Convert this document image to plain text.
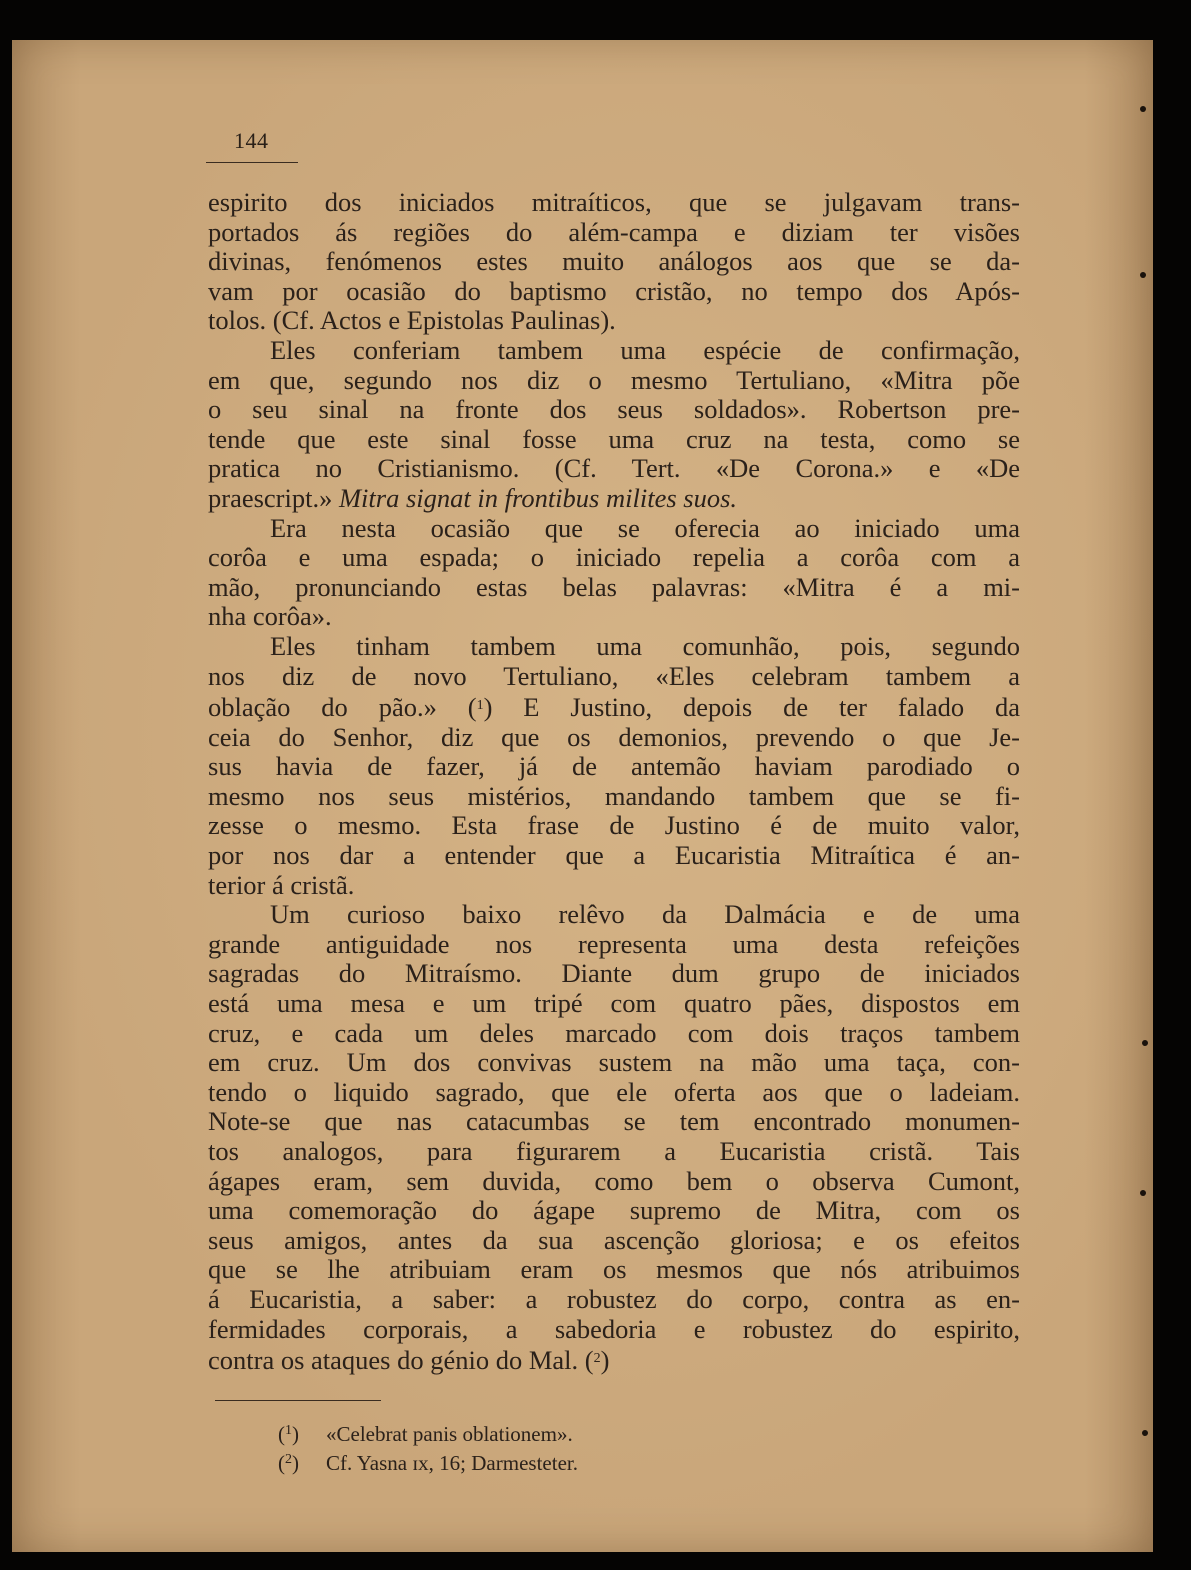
144
espirito dos iniciados mitraíticos, que se julgavam trans-
portados ás regiões do além-campa e diziam ter visões
divinas, fenómenos estes muito análogos aos que se da-
vam por ocasião do baptismo cristão, no tempo dos Após-
tolos. (Cf. Actos e Epistolas Paulinas).
Eles conferiam tambem uma espécie de confirmação,
em que, segundo nos diz o mesmo Tertuliano, «Mitra põe
o seu sinal na fronte dos seus soldados». Robertson pre-
tende que este sinal fosse uma cruz na testa, como se
pratica no Cristianismo. (Cf. Tert. «De Corona.» e «De
praescript.» Mitra signat in frontibus milites suos.
Era nesta ocasião que se oferecia ao iniciado uma
corôa e uma espada; o iniciado repelia a corôa com a
mão, pronunciando estas belas palavras: «Mitra é a mi-
nha corôa».
Eles tinham tambem uma comunhão, pois, segundo
nos diz de novo Tertuliano, «Eles celebram tambem a
oblação do pão.» ($^1$) E Justino, depois de ter falado da
ceia do Senhor, diz que os demonios, prevendo o que Je-
sus havia de fazer, já de antemão haviam parodiado o
mesmo nos seus mistérios, mandando tambem que se fi-
zesse o mesmo. Esta frase de Justino é de muito valor,
por nos dar a entender que a Eucaristia Mitraítica é an-
terior á cristã.
Um curioso baixo relêvo da Dalmácia e de uma
grande antiguidade nos representa uma desta refeições
sagradas do Mitraísmo. Diante dum grupo de iniciados
está uma mesa e um tripé com quatro pães, dispostos em
cruz, e cada um deles marcado com dois traços tambem
em cruz. Um dos convivas sustem na mão uma taça, con-
tendo o liquido sagrado, que ele oferta aos que o ladeiam.
Note-se que nas catacumbas se tem encontrado monumen-
tos analogos, para figurarem a Eucaristia cristã. Tais
ágapes eram, sem duvida, como bem o observa Cumont,
uma comemoração do ágape supremo de Mitra, com os
seus amigos, antes da sua ascenção gloriosa; e os efeitos
que se lhe atribuiam eram os mesmos que nós atribuimos
á Eucaristia, a saber: a robustez do corpo, contra as en-
fermidades corporais, a sabedoria e robustez do espirito,
contra os ataques do génio do Mal. ($^2$)
($^1$) «Celebrat panis oblationem».
($^2$) Cf. Yasna ɪx, 16; Darmesteter.
